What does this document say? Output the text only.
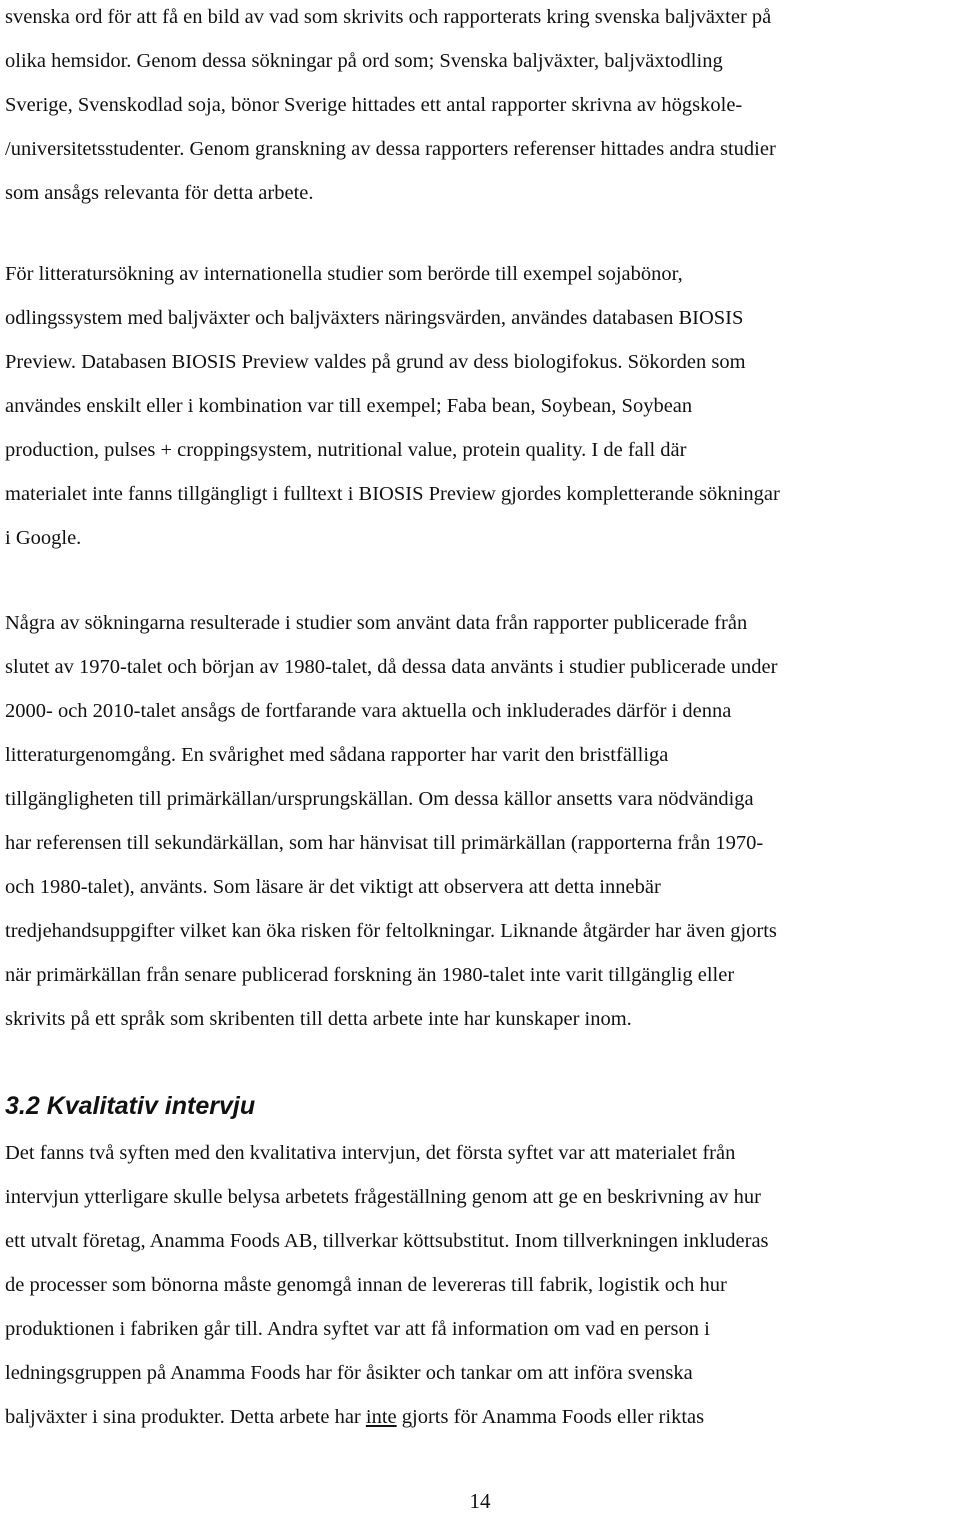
svenska ord för att få en bild av vad som skrivits och rapporterats kring svenska baljväxter på
olika hemsidor. Genom dessa sökningar på ord som; Svenska baljväxter, baljväxtodling
Sverige, Svenskodlad soja, bönor Sverige hittades ett antal rapporter skrivna av högskole-
/universitetsstudenter. Genom granskning av dessa rapporters referenser hittades andra studier
som ansågs relevanta för detta arbete.

För litteratursökning av internationella studier som berörde till exempel sojabönor,
odlingssystem med baljväxter och baljväxters näringsvärden, användes databasen BIOSIS
Preview. Databasen BIOSIS Preview valdes på grund av dess biologifokus. Sökorden som
användes enskilt eller i kombination var till exempel; Faba bean, Soybean, Soybean
production, pulses + croppingsystem, nutritional value, protein quality. I de fall där
materialet inte fanns tillgängligt i fulltext i BIOSIS Preview gjordes kompletterande sökningar
i Google.

Några av sökningarna resulterade i studier som använt data från rapporter publicerade från
slutet av 1970-talet och början av 1980-talet, då dessa data använts i studier publicerade under
2000- och 2010-talet ansågs de fortfarande vara aktuella och inkluderades därför i denna
litteraturgenomgång. En svårighet med sådana rapporter har varit den bristfälliga
tillgängligheten till primärkällan/ursprungskällan. Om dessa källor ansetts vara nödvändiga
har referensen till sekundärkällan, som har hänvisat till primärkällan (rapporterna från 1970-
och 1980-talet), använts. Som läsare är det viktigt att observera att detta innebär
tredjehandsuppgifter vilket kan öka risken för feltolkningar. Liknande åtgärder har även gjorts
när primärkällan från senare publicerad forskning än 1980-talet inte varit tillgänglig eller
skrivits på ett språk som skribenten till detta arbete inte har kunskaper inom.

3.2 Kvalitativ intervju

Det fanns två syften med den kvalitativa intervjun, det första syftet var att materialet från
intervjun ytterligare skulle belysa arbetets frågeställning genom att ge en beskrivning av hur
ett utvalt företag, Anamma Foods AB, tillverkar köttsubstitut. Inom tillverkningen inkluderas
de processer som bönorna måste genomgå innan de levereras till fabrik, logistik och hur
produktionen i fabriken går till. Andra syftet var att få information om vad en person i
ledningsgruppen på Anamma Foods har för åsikter och tankar om att införa svenska
baljväxter i sina produkter. Detta arbete har inte gjorts för Anamma Foods eller riktas

14
